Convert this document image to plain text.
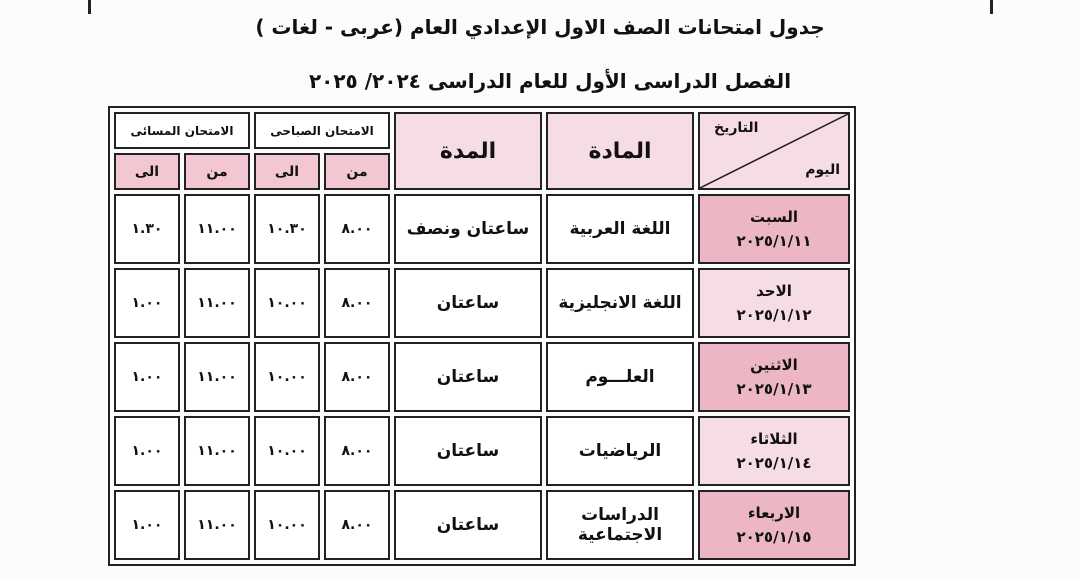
جدول امتحانات الصف الاول الإعدادي العام (عربى - لغات )
الفصل الدراسى الأول للعام الدراسى ٢٠٢٤/ ٢٠٢٥
التاريخ
اليوم	المادة	المدة	الامتحان الصباحى		الامتحان المسائى	
			من	الى	من	الى

السبت
٢٠٢٥/١/١١	اللغة العربية	ساعتان ونصف	٨.٠٠	١٠.٣٠	١١.٠٠	١.٣٠

الاحد
٢٠٢٥/١/١٢	اللغة الانجليزية	ساعتان	٨.٠٠	١٠.٠٠	١١.٠٠	١.٠٠

الاثنين
٢٠٢٥/١/١٣	العلـــوم	ساعتان	٨.٠٠	١٠.٠٠	١١.٠٠	١.٠٠

الثلاثاء
٢٠٢٥/١/١٤	الرياضيات	ساعتان	٨.٠٠	١٠.٠٠	١١.٠٠	١.٠٠

الاربعاء
٢٠٢٥/١/١٥	الدراسات الاجتماعية	ساعتان	٨.٠٠	١٠.٠٠	١١.٠٠	١.٠٠
